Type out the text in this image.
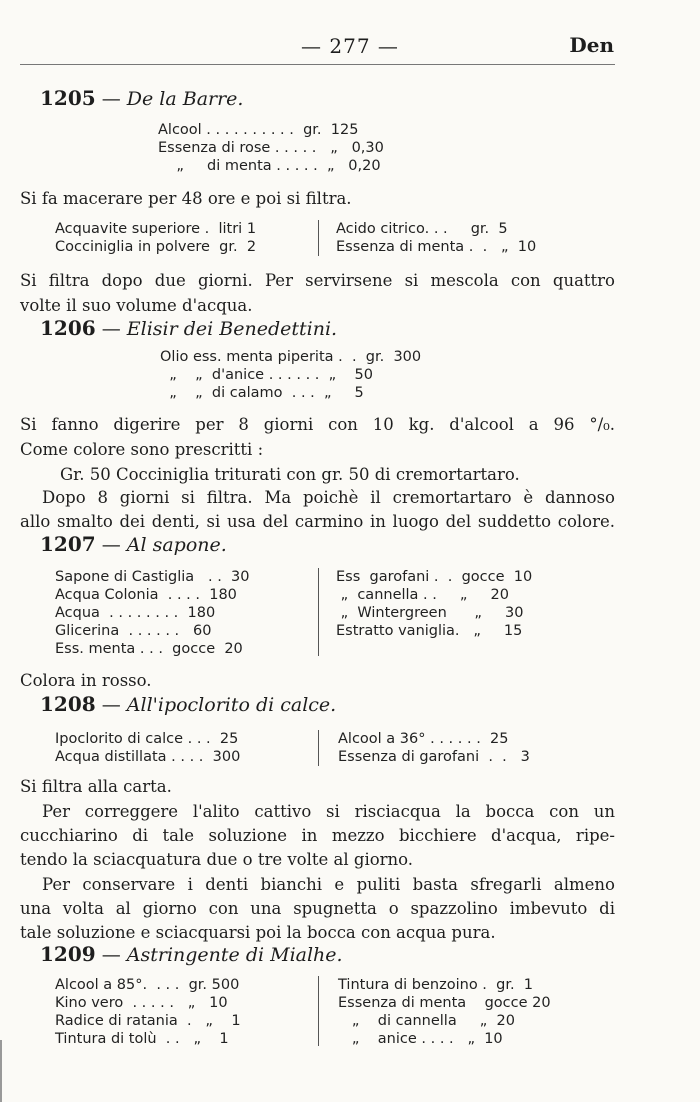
— 277 —	Den
1205 — De la Barre.
Alcool . . . . . . . . . .  gr.  125
Essenza di rose . . . . .   „   0,30
„     di menta . . . . .  „   0,20
Si fa macerare per 48 ore e poi si filtra.
Acquavite superiore .  litri 1
Cocciniglia in polvere  gr.  2
Acido citrico. . .     gr.  5
Essenza di menta .  .   „  10
Si filtra dopo due giorni. Per servirsene si mescola con quattro
volte il suo volume d'acqua.
1206 — Elisir dei Benedettini.
Olio ess. menta piperita .  .  gr.  300
„    „  d'anice . . . . . .  „    50
„    „  di calamo  . . .  „     5
Si fanno digerire per 8 giorni con 10 kg. d'alcool a 96 °/₀.
Come colore sono prescritti :
Gr. 50 Cocciniglia triturati con gr. 50 di cremortartaro.
Dopo 8 giorni si filtra. Ma poichè il cremortartaro è dannoso
allo smalto dei denti, si usa del carmino in luogo del suddetto colore.
1207 — Al sapone.
Sapone di Castiglia   . .  30
Acqua Colonia  . . . .  180
Acqua  . . . . . . . .  180
Glicerina  . . . . . .   60
Ess. menta . . .  gocce  20
Ess  garofani .  .  gocce  10
„  cannella . .     „     20
„  Wintergreen      „     30
Estratto vaniglia.   „     15
Colora in rosso.
1208 — All'ipoclorito di calce.
Ipoclorito di calce . . .  25
Acqua distillata . . . .  300
Alcool a 36° . . . . . .  25
Essenza di garofani  .  .   3
Si filtra alla carta.
Per correggere l'alito cattivo si risciacqua la bocca con un
cucchiarino di tale soluzione in mezzo bicchiere d'acqua, ripe-
tendo la sciacquatura due o tre volte al giorno.
Per conservare i denti bianchi e puliti basta sfregarli almeno
una volta al giorno con una spugnetta o spazzolino imbevuto di
tale soluzione e sciacquarsi poi la bocca con acqua pura.
1209 — Astringente di Mialhe.
Alcool a 85°.  . . .  gr. 500
Kino vero  . . . . .   „   10
Radice di ratania  .   „    1
Tintura di tolù  . .   „    1
Tintura di benzoino .  gr.  1
Essenza di menta    gocce 20
„    di cannella     „  20
„    anice . . . .   „  10
